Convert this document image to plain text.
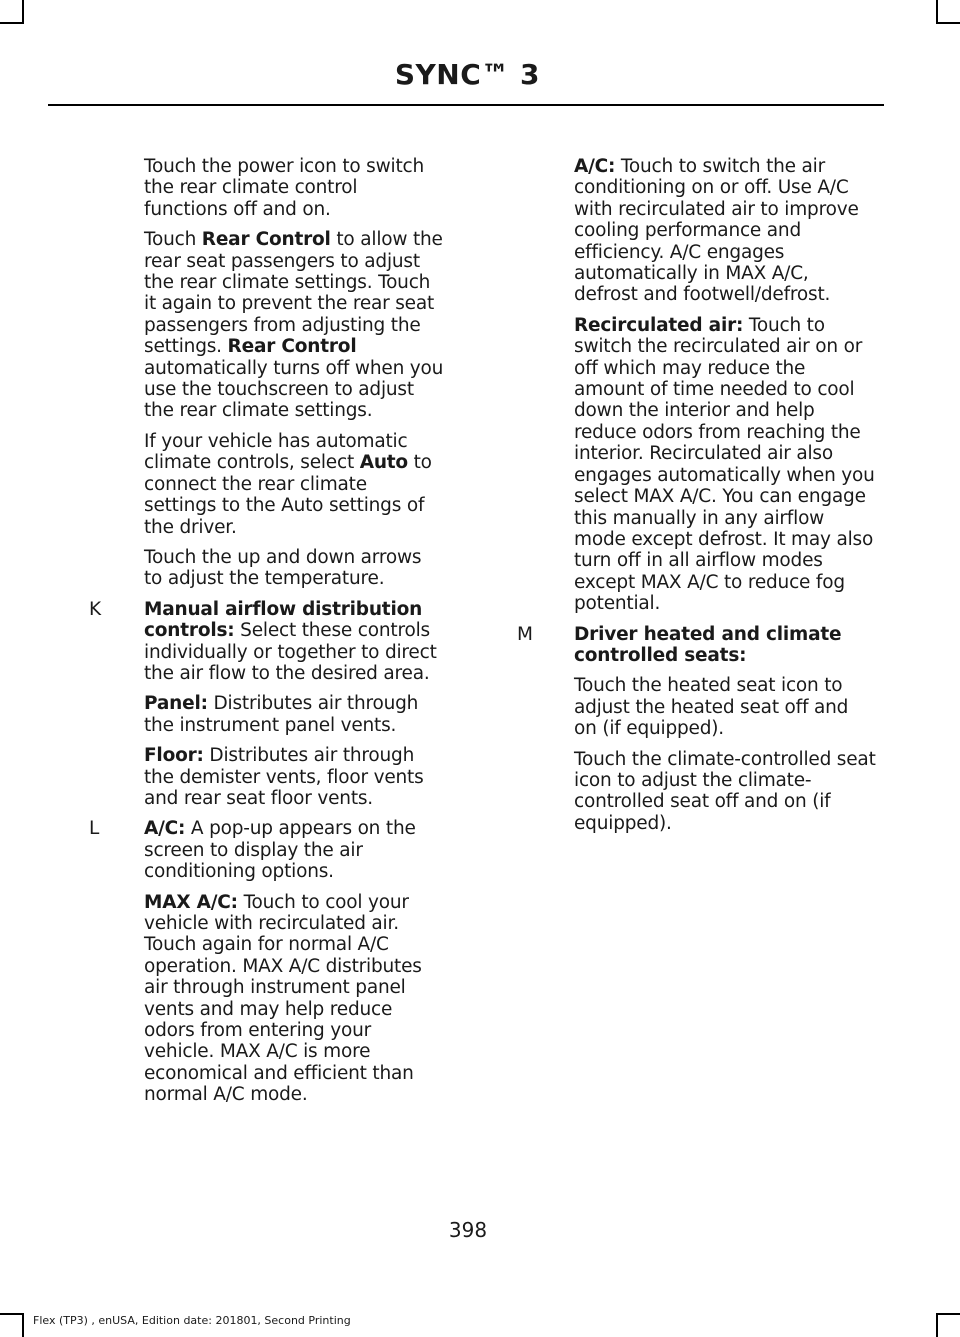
SYNC™ 3

Touch the power icon to switch the rear climate control functions off and on.

Touch Rear Control to allow the rear seat passengers to adjust the rear climate settings. Touch it again to prevent the rear seat passengers from adjusting the settings. Rear Control automatically turns off when you use the touchscreen to adjust the rear climate settings.

If your vehicle has automatic climate controls, select Auto to connect the rear climate settings to the Auto settings of the driver.

Touch the up and down arrows to adjust the temperature.

K Manual airflow distribution controls: Select these controls individually or together to direct the air flow to the desired area.

Panel: Distributes air through the instrument panel vents.

Floor: Distributes air through the demister vents, floor vents and rear seat floor vents.

L A/C: A pop-up appears on the screen to display the air conditioning options.

MAX A/C: Touch to cool your vehicle with recirculated air. Touch again for normal A/C operation. MAX A/C distributes air through instrument panel vents and may help reduce odors from entering your vehicle. MAX A/C is more economical and efficient than normal A/C mode.

A/C: Touch to switch the air conditioning on or off. Use A/C with recirculated air to improve cooling performance and efficiency. A/C engages automatically in MAX A/C, defrost and footwell/defrost.

Recirculated air: Touch to switch the recirculated air on or off which may reduce the amount of time needed to cool down the interior and help reduce odors from reaching the interior. Recirculated air also engages automatically when you select MAX A/C. You can engage this manually in any airflow mode except defrost. It may also turn off in all airflow modes except MAX A/C to reduce fog potential.

M Driver heated and climate controlled seats:

Touch the heated seat icon to adjust the heated seat off and on (if equipped).

Touch the climate-controlled seat icon to adjust the climate-controlled seat off and on (if equipped).

398
Flex (TP3) , enUSA, Edition date: 201801, Second Printing
